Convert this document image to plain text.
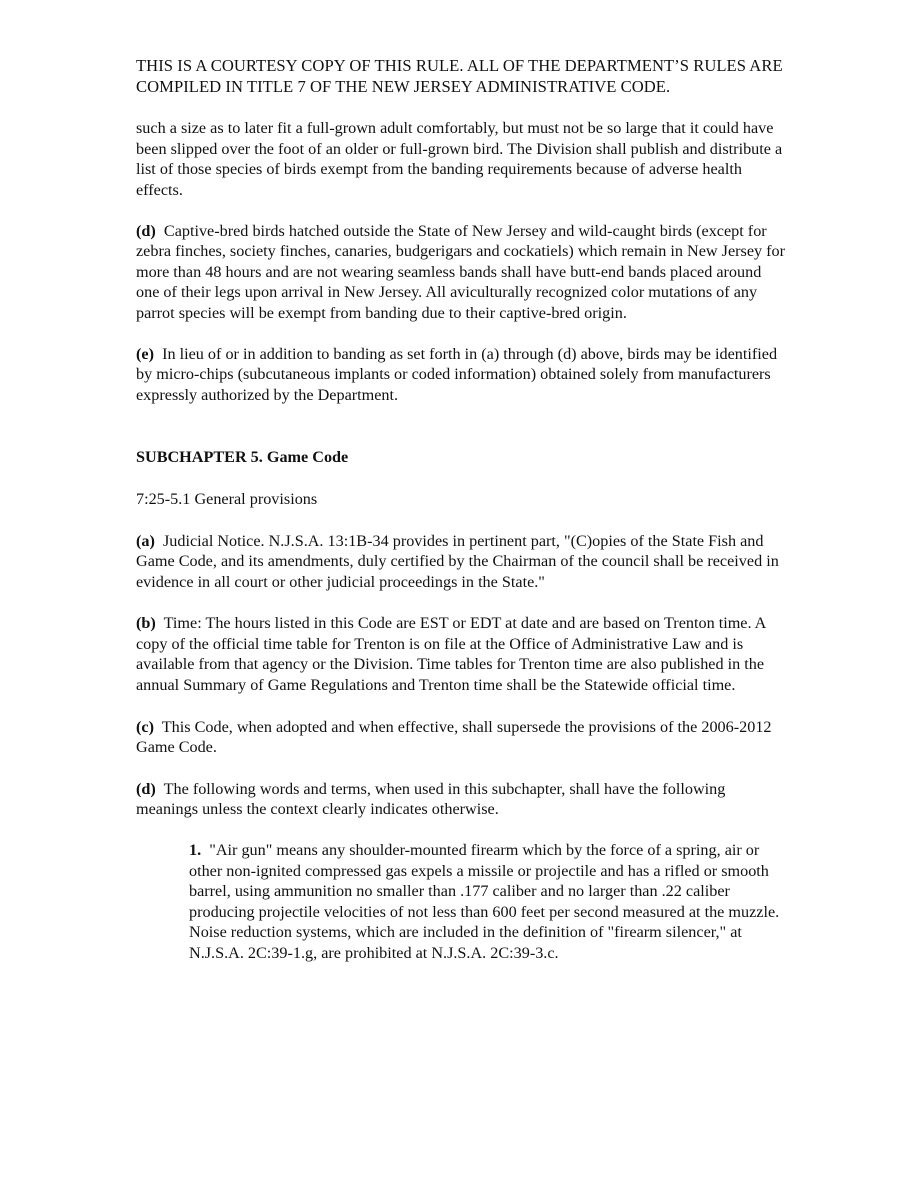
THIS IS A COURTESY COPY OF THIS RULE. ALL OF THE DEPARTMENT’S RULES ARE COMPILED IN TITLE 7 OF THE NEW JERSEY ADMINISTRATIVE CODE.

such a size as to later fit a full-grown adult comfortably, but must not be so large that it could have been slipped over the foot of an older or full-grown bird. The Division shall publish and distribute a list of those species of birds exempt from the banding requirements because of adverse health effects.

(d) Captive-bred birds hatched outside the State of New Jersey and wild-caught birds (except for zebra finches, society finches, canaries, budgerigars and cockatiels) which remain in New Jersey for more than 48 hours and are not wearing seamless bands shall have butt-end bands placed around one of their legs upon arrival in New Jersey. All aviculturally recognized color mutations of any parrot species will be exempt from banding due to their captive-bred origin.

(e) In lieu of or in addition to banding as set forth in (a) through (d) above, birds may be identified by micro-chips (subcutaneous implants or coded information) obtained solely from manufacturers expressly authorized by the Department.

SUBCHAPTER 5. Game Code

7:25-5.1 General provisions

(a) Judicial Notice. N.J.S.A. 13:1B-34 provides in pertinent part, "(C)opies of the State Fish and Game Code, and its amendments, duly certified by the Chairman of the council shall be received in evidence in all court or other judicial proceedings in the State."

(b) Time: The hours listed in this Code are EST or EDT at date and are based on Trenton time. A copy of the official time table for Trenton is on file at the Office of Administrative Law and is available from that agency or the Division. Time tables for Trenton time are also published in the annual Summary of Game Regulations and Trenton time shall be the Statewide official time.

(c) This Code, when adopted and when effective, shall supersede the provisions of the 2006-2012 Game Code.

(d) The following words and terms, when used in this subchapter, shall have the following meanings unless the context clearly indicates otherwise.

1. "Air gun" means any shoulder-mounted firearm which by the force of a spring, air or other non-ignited compressed gas expels a missile or projectile and has a rifled or smooth barrel, using ammunition no smaller than .177 caliber and no larger than .22 caliber producing projectile velocities of not less than 600 feet per second measured at the muzzle. Noise reduction systems, which are included in the definition of "firearm silencer," at N.J.S.A. 2C:39-1.g, are prohibited at N.J.S.A. 2C:39-3.c.
